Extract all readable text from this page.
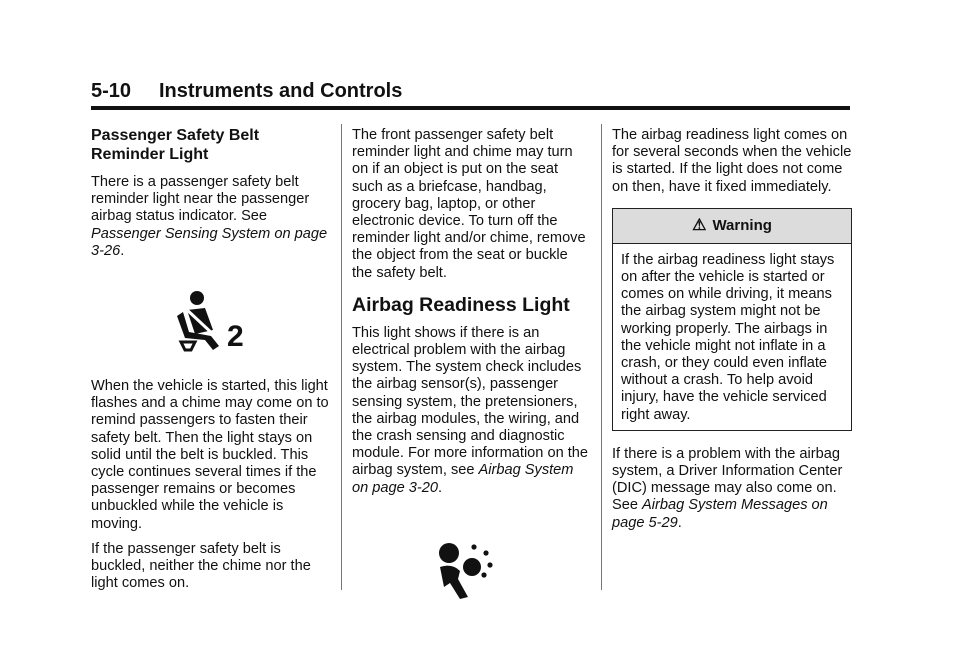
5-10 Instruments and Controls
Passenger Safety Belt Reminder Light

There is a passenger safety belt reminder light near the passenger airbag status indicator. See Passenger Sensing System on page 3-26.

2

When the vehicle is started, this light flashes and a chime may come on to remind passengers to fasten their safety belt. Then the light stays on solid until the belt is buckled. This cycle continues several times if the passenger remains or becomes unbuckled while the vehicle is moving.

If the passenger safety belt is buckled, neither the chime nor the light comes on.

The front passenger safety belt reminder light and chime may turn on if an object is put on the seat such as a briefcase, handbag, grocery bag, laptop, or other electronic device. To turn off the reminder light and/or chime, remove the object from the seat or buckle the safety belt.

Airbag Readiness Light

This light shows if there is an electrical problem with the airbag system. The system check includes the airbag sensor(s), passenger sensing system, the pretensioners, the airbag modules, the wiring, and the crash sensing and diagnostic module. For more information on the airbag system, see Airbag System on page 3-20.

The airbag readiness light comes on for several seconds when the vehicle is started. If the light does not come on then, have it fixed immediately.

⚠ Warning
If the airbag readiness light stays on after the vehicle is started or comes on while driving, it means the airbag system might not be working properly. The airbags in the vehicle might not inflate in a crash, or they could even inflate without a crash. To help avoid injury, have the vehicle serviced right away.

If there is a problem with the airbag system, a Driver Information Center (DIC) message may also come on. See Airbag System Messages on page 5-29.
